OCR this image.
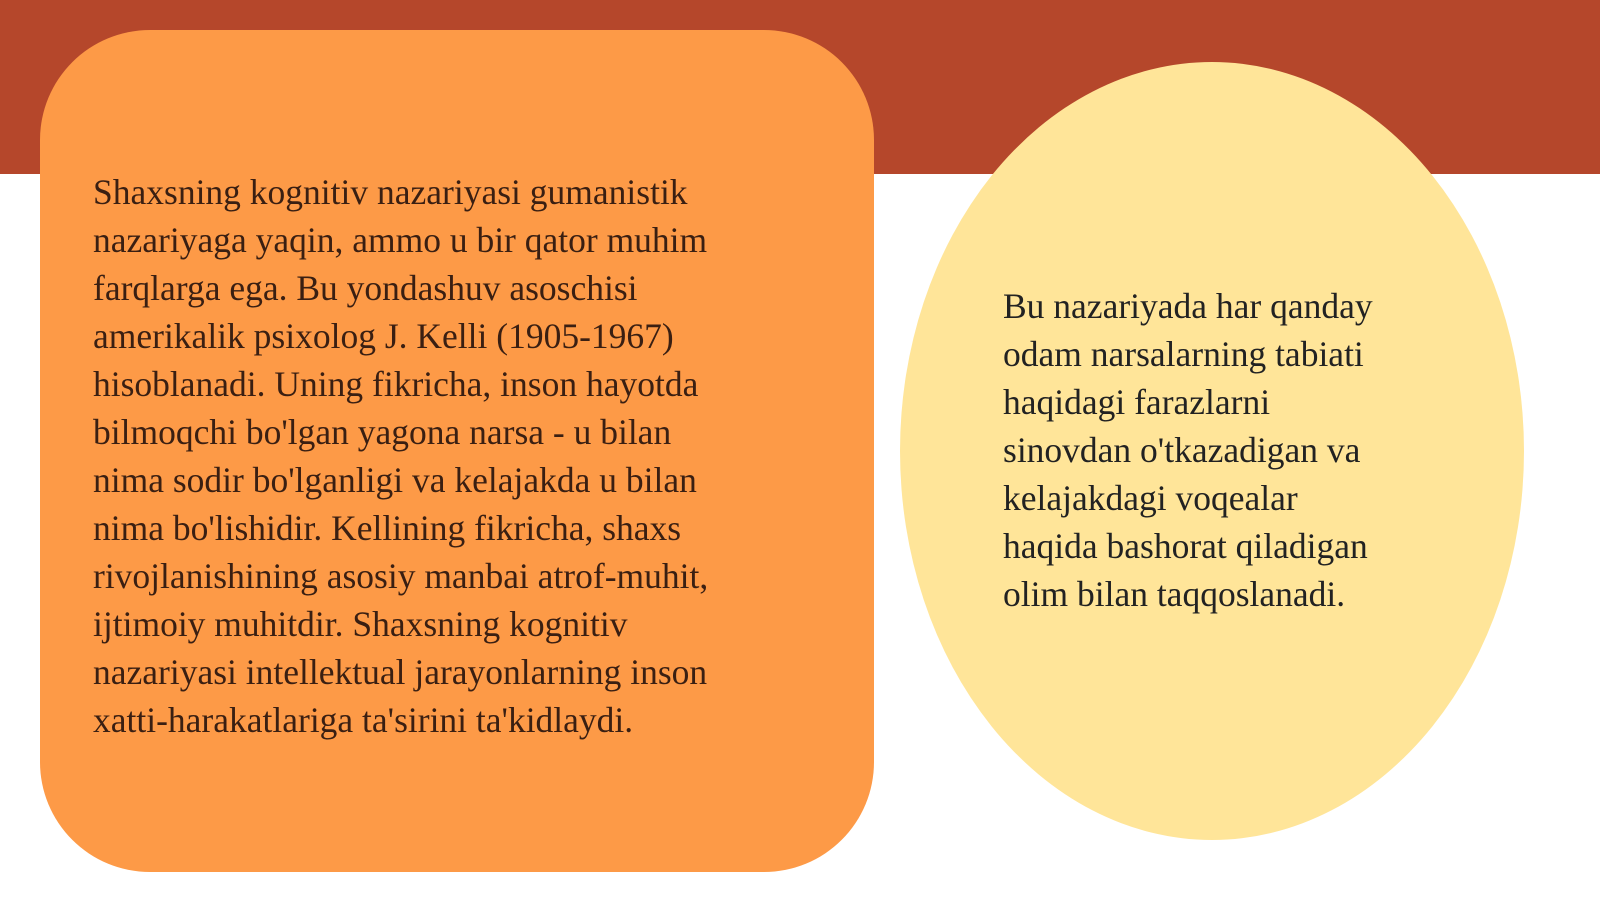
Shaxsning kognitiv nazariyasi gumanistik
nazariyaga yaqin, ammo u bir qator muhim
farqlarga ega. Bu yondashuv asoschisi
amerikalik psixolog J. Kelli (1905-1967)
hisoblanadi. Uning fikricha, inson hayotda
bilmoqchi bo'lgan yagona narsa - u bilan
nima sodir bo'lganligi va kelajakda u bilan
nima bo'lishidir. Kellining fikricha, shaxs
rivojlanishining asosiy manbai atrof-muhit,
ijtimoiy muhitdir. Shaxsning kognitiv
nazariyasi intellektual jarayonlarning inson
xatti-harakatlariga ta'sirini ta'kidlaydi.

Bu nazariyada har qanday
odam narsalarning tabiati
haqidagi farazlarni
sinovdan o'tkazadigan va
kelajakdagi voqealar
haqida bashorat qiladigan
olim bilan taqqoslanadi.
